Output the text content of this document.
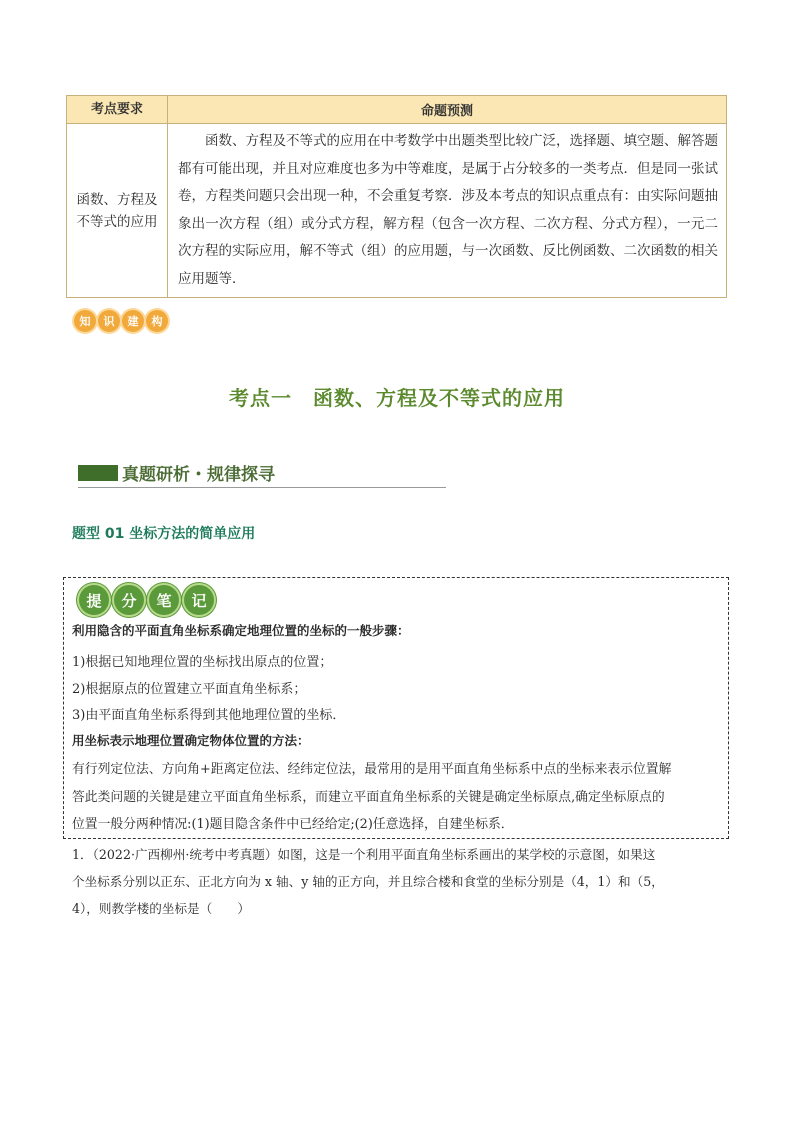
考点要求	命题预测
函数、方程及不等式的应用	函数、方程及不等式的应用在中考数学中出题类型比较广泛，选择题、填空题、解答题都有可能出现，并且对应难度也多为中等难度，是属于占分较多的一类考点．但是同一张试卷，方程类问题只会出现一种，不会重复考察．涉及本考点的知识点重点有：由实际问题抽象出一次方程（组）或分式方程，解方程（包含一次方程、二次方程、分式方程），一元二次方程的实际应用，解不等式（组）的应用题，与一次函数、反比例函数、二次函数的相关应用题等．
知	识	建	构
考点一　函数、方程及不等式的应用
真题研析・规律探寻
题型 01 坐标方法的简单应用
提	分	笔	记
利用隐含的平面直角坐标系确定地理位置的坐标的一般步骤：
1)根据已知地理位置的坐标找出原点的位置；
2)根据原点的位置建立平面直角坐标系；
3)由平面直角坐标系得到其他地理位置的坐标．
用坐标表示地理位置确定物体位置的方法：
有行列定位法、方向角+距离定位法、经纬定位法，最常用的是用平面直角坐标系中点的坐标来表示位置解
答此类问题的关键是建立平面直角坐标系，而建立平面直角坐标系的关键是确定坐标原点,确定坐标原点的
位置一般分两种情况:(1)题目隐含条件中已经给定;(2)任意选择，自建坐标系．
1．（2022·广西柳州·统考中考真题）如图，这是一个利用平面直角坐标系画出的某学校的示意图，如果这
个坐标系分别以正东、正北方向为 x 轴、y 轴的正方向，并且综合楼和食堂的坐标分别是（4，1）和（5，
4），则教学楼的坐标是（　　）
